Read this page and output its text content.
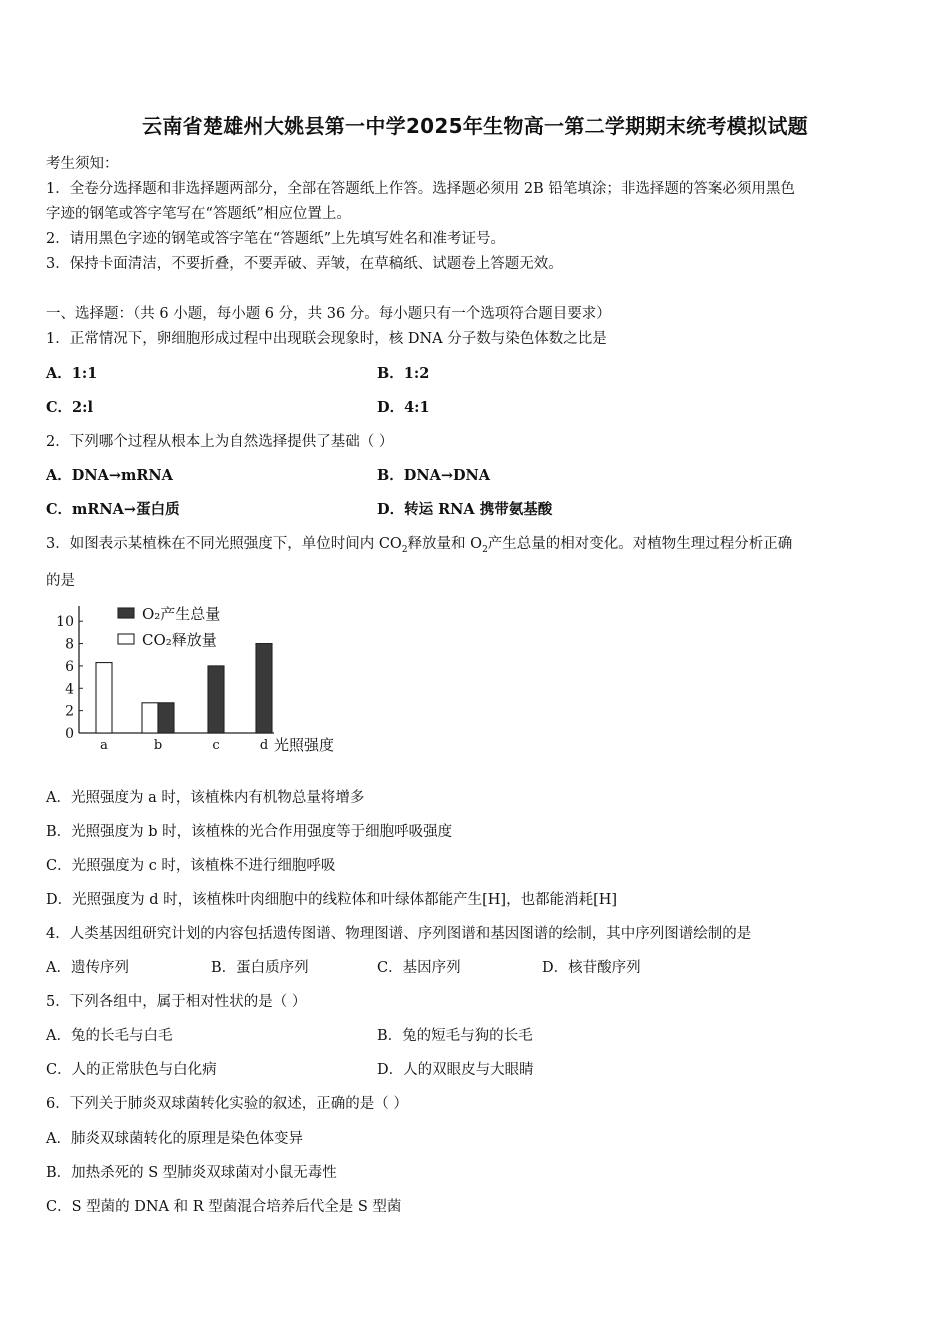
云南省楚雄州大姚县第一中学2025年生物高一第二学期期末统考模拟试题
考生须知：
1．全卷分选择题和非选择题两部分，全部在答题纸上作答。选择题必须用 2B 铅笔填涂；非选择题的答案必须用黑色
字迹的钢笔或答字笔写在“答题纸”相应位置上。
2．请用黑色字迹的钢笔或答字笔在“答题纸”上先填写姓名和准考证号。
3．保持卡面清洁，不要折叠，不要弄破、弄皱，在草稿纸、试题卷上答题无效。
一、选择题：（共 6 小题，每小题 6 分，共 36 分。每小题只有一个选项符合题目要求）
1．正常情况下，卵细胞形成过程中出现联会现象时，核 DNA 分子数与染色体数之比是
A．1:1	B．1:2
C．2:l	D．4:1
2．下列哪个过程从根本上为自然选择提供了基础（ ）
A．DNA→mRNA	B．DNA→DNA
C．mRNA→蛋白质	D．转运 RNA 携带氨基酸
3．如图表示某植株在不同光照强度下，单位时间内 $CO_2$释放量和 $O_2$产生总量的相对变化。对植物生理过程分析正确
的是
0
2
4
6
8
10
a	b	c	d 光照强度
O₂产生总量
CO₂释放量
A．光照强度为 a 时，该植株内有机物总量将增多
B．光照强度为 b 时，该植株的光合作用强度等于细胞呼吸强度
C．光照强度为 c 时，该植株不进行细胞呼吸
D．光照强度为 d 时，该植株叶肉细胞中的线粒体和叶绿体都能产生[H]，也都能消耗[H]
4．人类基因组研究计划的内容包括遗传图谱、物理图谱、序列图谱和基因图谱的绘制，其中序列图谱绘制的是
A．遗传序列	B．蛋白质序列	C．基因序列	D．核苷酸序列
5．下列各组中，属于相对性状的是（ ）
A．兔的长毛与白毛	B．兔的短毛与狗的长毛
C．人的正常肤色与白化病	D．人的双眼皮与大眼睛
6．下列关于肺炎双球菌转化实验的叙述，正确的是（ ）
A．肺炎双球菌转化的原理是染色体变异
B．加热杀死的 S 型肺炎双球菌对小鼠无毒性
C．S 型菌的 DNA 和 R 型菌混合培养后代全是 S 型菌
